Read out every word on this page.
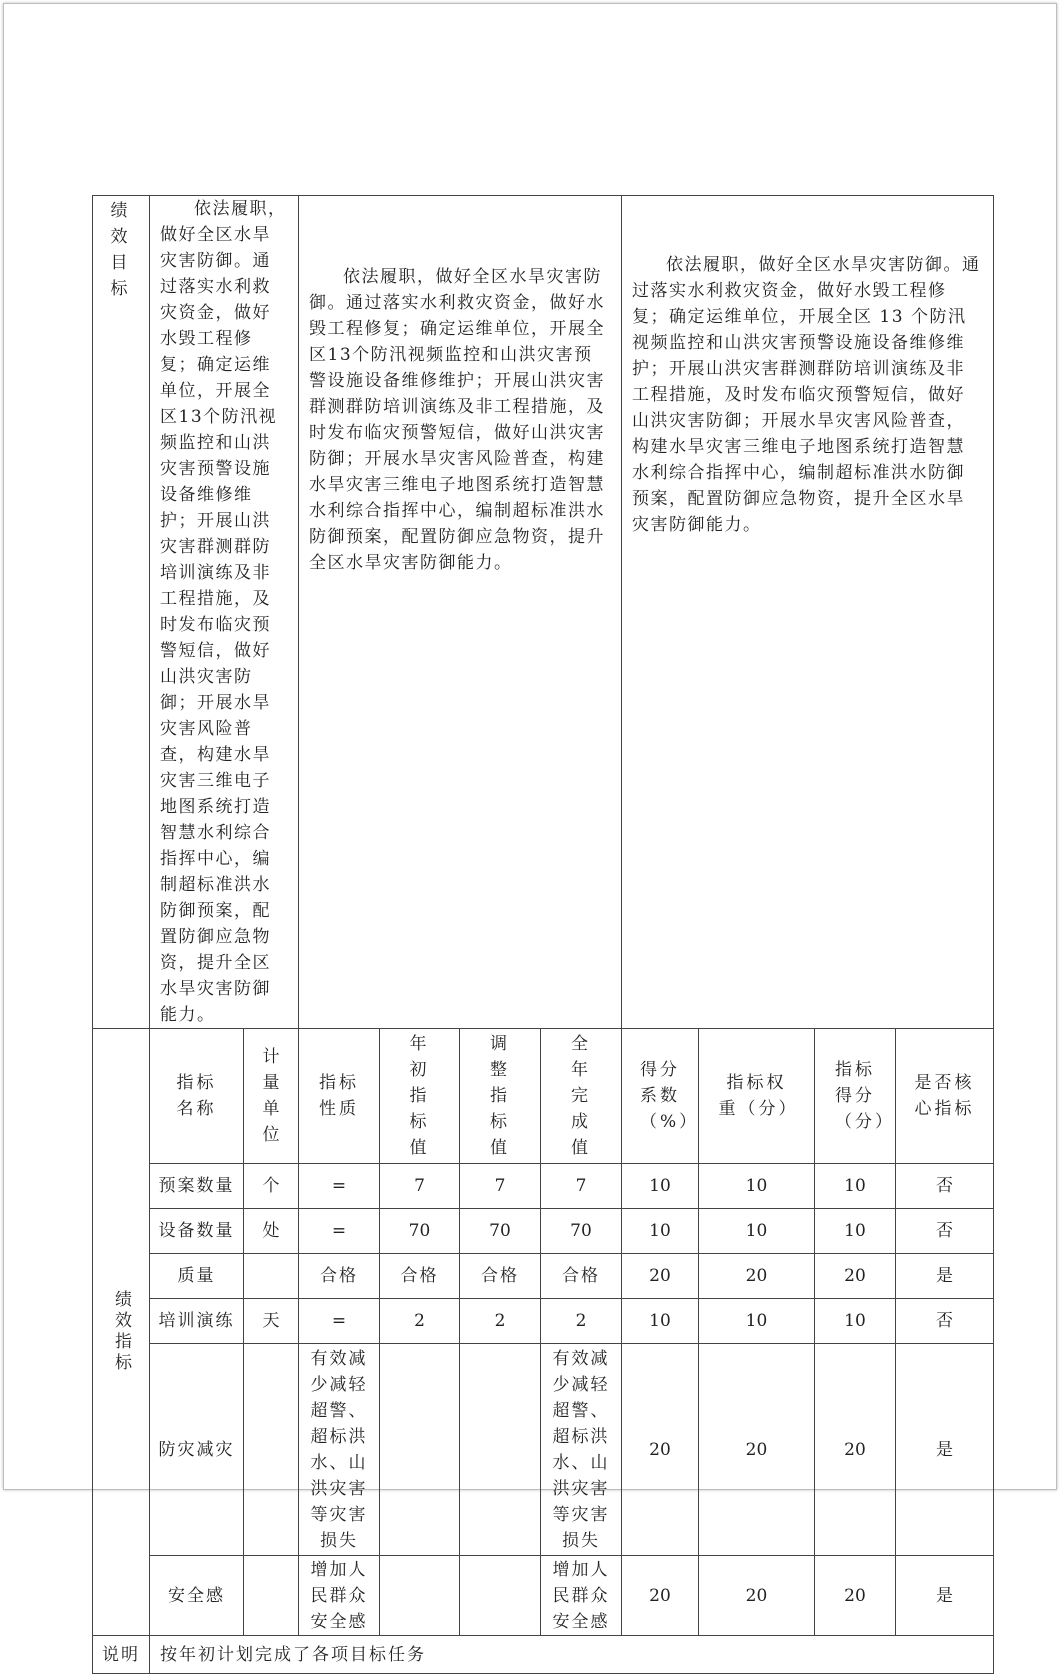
绩效目标	依法履职，做好全区水旱灾害防御。通过落实水利救灾资金，做好水毁工程修复；确定运维单位，开展全区13个防汛视频监控和山洪灾害预警设施设备维修维护；开展山洪灾害群测群防培训演练及非工程措施，及时发布临灾预警短信，做好山洪灾害防御；开展水旱灾害风险普查，构建水旱灾害三维电子地图系统打造智慧水利综合指挥中心，编制超标准洪水防御预案，配置防御应急物资，提升全区水旱灾害防御能力。		依法履职，做好全区水旱灾害防御。通过落实水利救灾资金，做好水毁工程修复；确定运维单位，开展全区13个防汛视频监控和山洪灾害预警设施设备维修维护；开展山洪灾害群测群防培训演练及非工程措施，及时发布临灾预警短信，做好山洪灾害防御；开展水旱灾害风险普查，构建水旱灾害三维电子地图系统打造智慧水利综合指挥中心，编制超标准洪水防御预案，配置防御应急物资，提升全区水旱灾害防御能力。				依法履职，做好全区水旱灾害防御。通过落实水利救灾资金，做好水毁工程修复；确定运维单位，开展全区 13 个防汛视频监控和山洪灾害预警设施设备维修维护；开展山洪灾害群测群防培训演练及非工程措施，及时发布临灾预警短信，做好山洪灾害防御；开展水旱灾害风险普查，构建水旱灾害三维电子地图系统打造智慧水利综合指挥中心，编制超标准洪水防御预案，配置防御应急物资，提升全区水旱灾害防御能力。			

绩效指标	指标名称	计量单位	指标性质	年初指标值	调整指标值	全年完成值	得分系数（%）	指标权重（分）	指标得分（分）	是否核心指标

	预案数量	个	=	7	7	7	10	10	10	否
	设备数量	处	=	70	70	70	10	10	10	否
	质量		合格	合格	合格	合格	20	20	20	是
	培训演练	天	=	2	2	2	10	10	10	否
	防灾减灾		有效减少减轻超警、超标洪水、山洪灾害等灾害损失			有效减少减轻超警、超标洪水、山洪灾害等灾害损失	20	20	20	是
	安全感		增加人民群众安全感			增加人民群众安全感	20	20	20	是
说明	按年初计划完成了各项目标任务									
